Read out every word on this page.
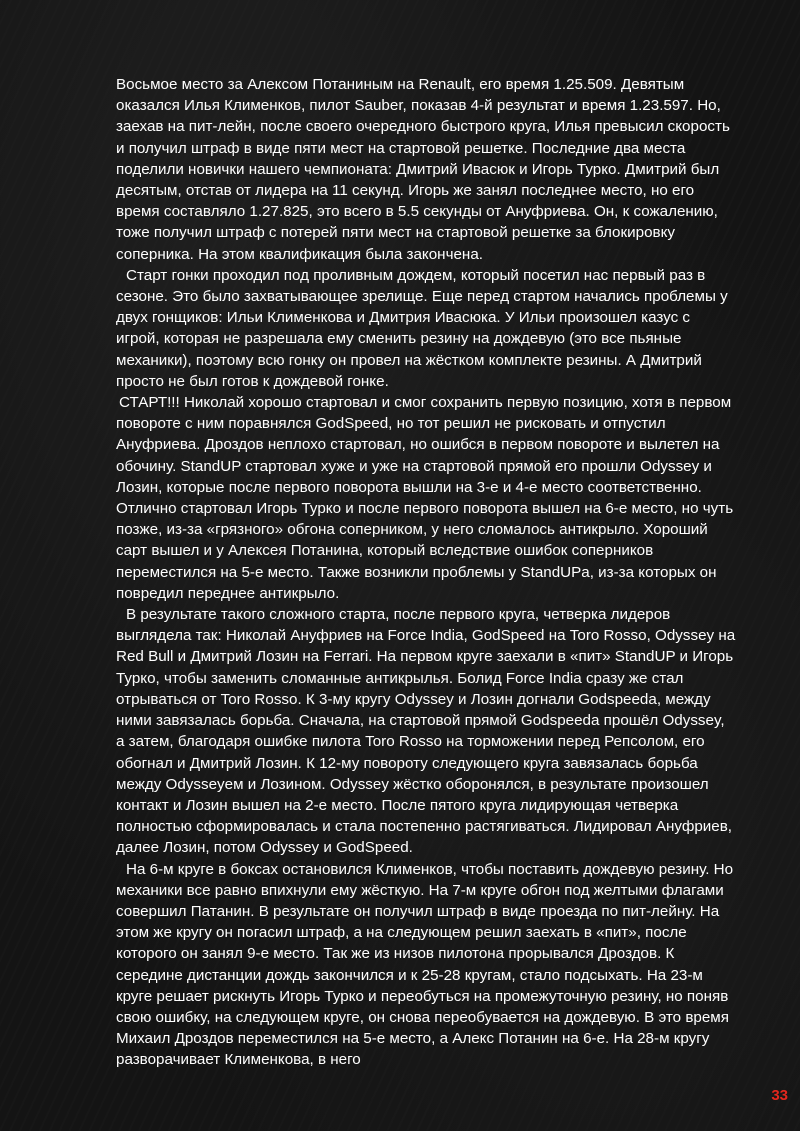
Восьмое место за Алексом Потаниным на Renault, его время 1.25.509. Девятым оказался Илья Клименков, пилот Sauber, показав 4-й результат и время 1.23.597. Но, заехав на пит-лейн, после своего очередного быстрого круга, Илья превысил скорость и получил штраф в виде пяти мест на стартовой решетке. Последние два места поделили новички нашего чемпионата: Дмитрий Ивасюк и Игорь Турко. Дмитрий был десятым, отстав от лидера на 11 секунд. Игорь же занял последнее место, но его время составляло 1.27.825, это всего в 5.5 секунды от Ануфриева. Он, к сожалению, тоже получил штраф с потерей пяти мест на стартовой решетке за блокировку соперника. На этом квалификация была закончена.

Старт гонки проходил под проливным дождем, который посетил нас первый раз в сезоне. Это было захватывающее зрелище. Еще перед стартом начались проблемы у двух гонщиков: Ильи Клименкова и Дмитрия Ивасюка. У Ильи произошел казус с игрой, которая не разрешала ему сменить резину на дождевую (это все пьяные механики), поэтому всю гонку он провел на жёстком комплекте резины. А Дмитрий просто не был готов к дождевой гонке.

СТАРТ!!! Николай хорошо стартовал и смог сохранить первую позицию, хотя в первом повороте с ним поравнялся GodSpeed, но тот решил не рисковать и отпустил Ануфриева. Дроздов неплохо стартовал, но ошибся в первом повороте и вылетел на обочину. StandUP стартовал хуже и уже на стартовой прямой его прошли Odyssey и Лозин, которые после первого поворота вышли на 3-е и 4-е место соответственно. Отлично стартовал Игорь Турко и после первого поворота вышел на 6-е место, но чуть позже, из-за «грязного» обгона соперником, у него сломалось антикрыло. Хороший сарт вышел и у Алексея Потанина, который вследствие ошибок соперников переместился на 5-е место. Также возникли проблемы у StandUPа, из-за которых он повредил переднее антикрыло.

В результате такого сложного старта, после первого круга, четверка лидеров выглядела так: Николай Ануфриев на Force India, GodSpeed на Toro Rosso, Odyssey на Red Bull и Дмитрий Лозин на Ferrari. На первом круге заехали в «пит» StandUP и Игорь Турко, чтобы заменить сломанные антикрылья. Болид Force India сразу же стал отрываться от Toro Rosso. К 3-му кругу Odyssey и Лозин догнали Godspeeda, между ними завязалась борьба. Сначала, на стартовой прямой Godspeeda прошёл Odyssey, а затем, благодаря ошибке пилота Toro Rosso на торможении перед Репсолом, его обогнал и Дмитрий Лозин. К 12-му повороту следующего круга завязалась борьба между Odysseyем и Лозином. Odyssey жёстко оборонялся, в результате произошел контакт и Лозин вышел на 2-е место. После пятого круга лидирующая четверка полностью сформировалась и стала постепенно растягиваться. Лидировал Ануфриев, далее Лозин, потом Odyssey и GodSpeed.

На 6-м круге в боксах остановился Клименков, чтобы поставить дождевую резину. Но механики все равно впихнули ему жёсткую. На 7-м круге обгон под желтыми флагами совершил Патанин. В результате он получил штраф в виде проезда по пит-лейну. На этом же кругу он погасил штраф, а на следующем решил заехать в «пит», после которого он занял 9-е место. Так же из низов пилотона прорывался Дроздов. К середине дистанции дождь закончился и к 25-28 кругам, стало подсыхать. На 23-м круге решает рискнуть Игорь Турко и переобуться на промежуточную резину, но поняв свою ошибку, на следующем круге, он снова переобувается на дождевую. В это время Михаил Дроздов переместился на 5-е место, а Алекс Потанин на 6-е. На 28-м кругу разворачивает Клименкова, в него

33
